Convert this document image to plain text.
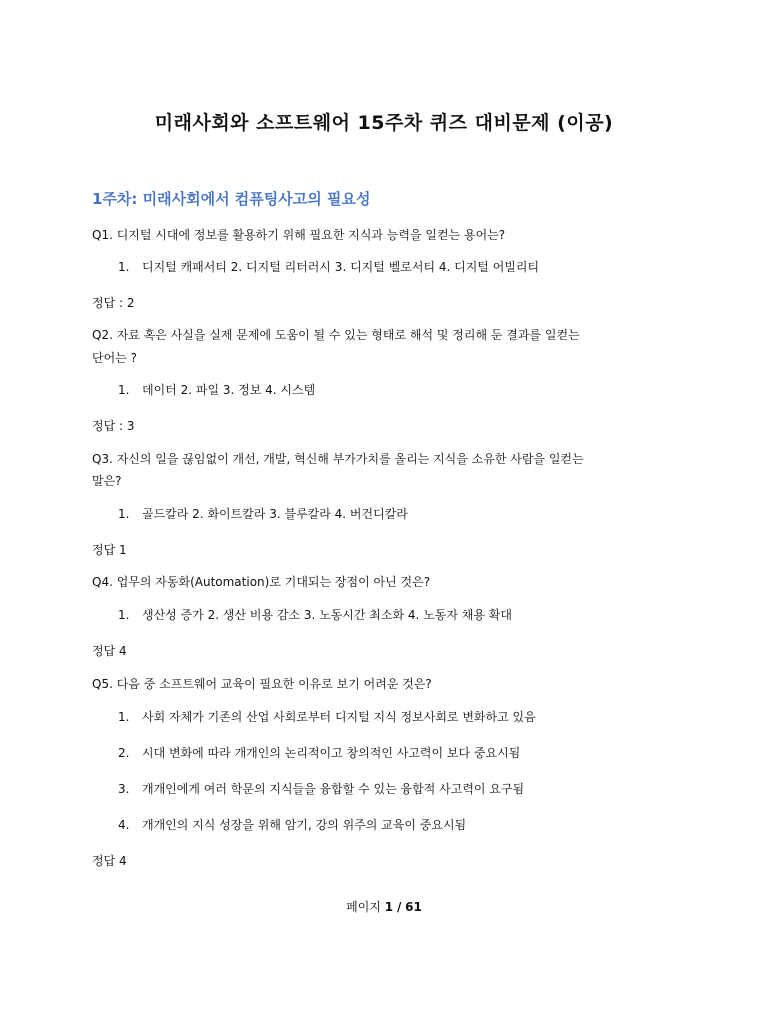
미래사회와 소프트웨어 15주차 퀴즈 대비문제 (이공)
1주차: 미래사회에서 컴퓨팅사고의 필요성
Q1. 디지털 시대에 정보를 활용하기 위해 필요한 지식과 능력을 일컫는 용어는?
1. 디지털 캐패서티 2. 디지털 리터러시 3. 디지털 벨로서티 4. 디지털 어빌리티
정답 : 2
Q2. 자료 혹은 사실을 실제 문제에 도움이 될 수 있는 형태로 해석 및 정리해 둔 결과를 일컫는
단어는 ?
1. 데이터 2. 파일 3. 정보 4. 시스템
정답 : 3
Q3. 자신의 일을 끊임없이 개선, 개발, 혁신해 부가가치를 올리는 지식을 소유한 사람을 일컫는
말은?
1. 골드칼라 2. 화이트칼라 3. 블루칼라 4. 버건디칼라
정답 1
Q4. 업무의 자동화(Automation)로 기대되는 장점이 아닌 것은?
1. 생산성 증가 2. 생산 비용 감소 3. 노동시간 최소화 4. 노동자 채용 확대
정답 4
Q5. 다음 중 소프트웨어 교육이 필요한 이유로 보기 어려운 것은?
1. 사회 자체가 기존의 산업 사회로부터 디지털 지식 정보사회로 변화하고 있음
2. 시대 변화에 따라 개개인의 논리적이고 창의적인 사고력이 보다 중요시됨
3. 개개인에게 여러 학문의 지식들을 융합할 수 있는 융합적 사고력이 요구됨
4. 개개인의 지식 성장을 위해 암기, 강의 위주의 교육이 중요시됨
정답 4
페이지 1 / 61
